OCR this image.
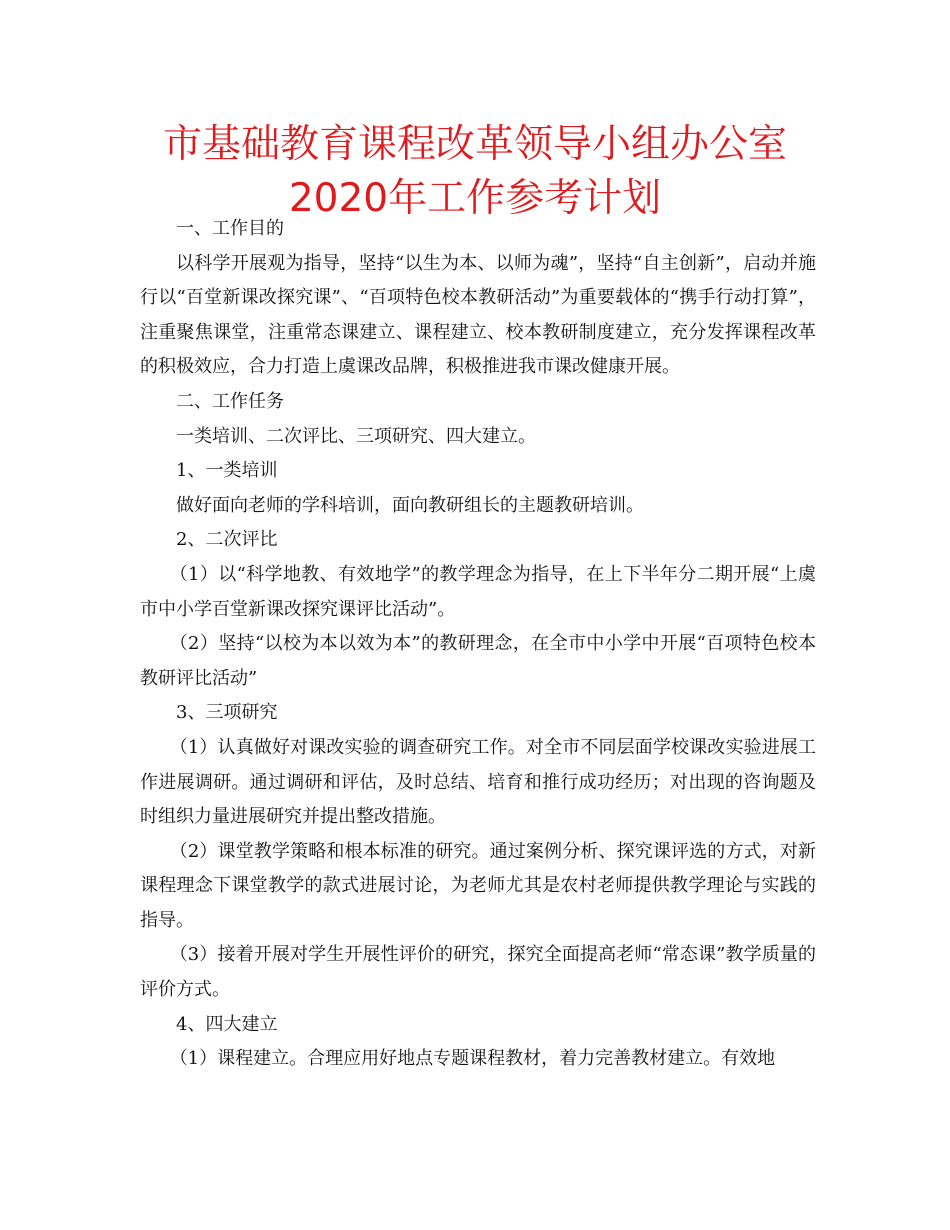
市基础教育课程改革领导小组办公室2020年工作参考计划

一、工作目的

以科学开展观为指导，坚持“以生为本、以师为魂”，坚持“自主创新”，启动并施行以“百堂新课改探究课”、“百项特色校本教研活动”为重要载体的“携手行动打算”，注重聚焦课堂，注重常态课建立、课程建立、校本教研制度建立，充分发挥课程改革的积极效应，合力打造上虞课改品牌，积极推进我市课改健康开展。

二、工作任务

一类培训、二次评比、三项研究、四大建立。

1、一类培训

做好面向老师的学科培训，面向教研组长的主题教研培训。

2、二次评比

（1）以“科学地教、有效地学”的教学理念为指导，在上下半年分二期开展“上虞市中小学百堂新课改探究课评比活动”。

（2）坚持“以校为本以效为本”的教研理念，在全市中小学中开展“百项特色校本教研评比活动”

3、三项研究

（1）认真做好对课改实验的调查研究工作。对全市不同层面学校课改实验进展工作进展调研。通过调研和评估，及时总结、培育和推行成功经历；对出现的咨询题及时组织力量进展研究并提出整改措施。

（2）课堂教学策略和根本标准的研究。通过案例分析、探究课评选的方式，对新课程理念下课堂教学的款式进展讨论，为老师尤其是农村老师提供教学理论与实践的指导。

（3）接着开展对学生开展性评价的研究，探究全面提高老师“常态课”教学质量的评价方式。

4、四大建立

（1）课程建立。合理应用好地点专题课程教材，着力完善教材建立。有效地
